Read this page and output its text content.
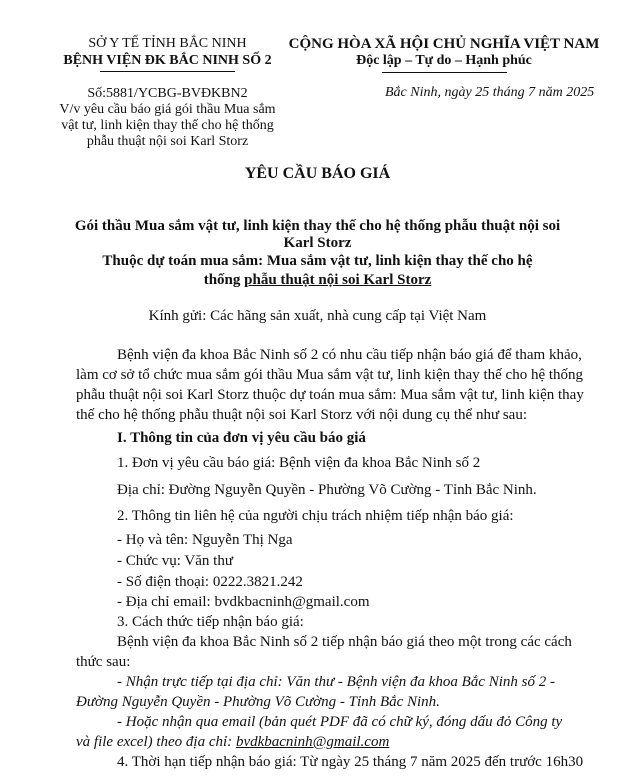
SỞ Y TẾ TỈNH BẮC NINH
BỆNH VIỆN ĐK BẮC NINH SỐ 2
Số:5881/YCBG-BVĐKBN2
V/v yêu cầu báo giá gói thầu Mua sắm
vật tư, linh kiện thay thế cho hệ thống
phẫu thuật nội soi Karl Storz
CỘNG HÒA XÃ HỘI CHỦ NGHĨA VIỆT NAM
Độc lập – Tự do – Hạnh phúc
Bắc Ninh, ngày 25 tháng 7 năm 2025
YÊU CẦU BÁO GIÁ
Gói thầu Mua sắm vật tư, linh kiện thay thế cho hệ thống phẫu thuật nội soi
Karl Storz
Thuộc dự toán mua sắm: Mua sắm vật tư, linh kiện thay thế cho hệ
thống phẫu thuật nội soi Karl Storz
Kính gửi: Các hãng sản xuất, nhà cung cấp tại Việt Nam
Bệnh viện đa khoa Bắc Ninh số 2 có nhu cầu tiếp nhận báo giá để tham khảo,
làm cơ sở tổ chức mua sắm gói thầu Mua sắm vật tư, linh kiện thay thế cho hệ thống
phẫu thuật nội soi Karl Storz thuộc dự toán mua sắm: Mua sắm vật tư, linh kiện thay
thế cho hệ thống phẫu thuật nội soi Karl Storz với nội dung cụ thể như sau:
I. Thông tin của đơn vị yêu cầu báo giá
1. Đơn vị yêu cầu báo giá: Bệnh viện đa khoa Bắc Ninh số 2
Địa chỉ: Đường Nguyễn Quyền - Phường Võ Cường - Tỉnh Bắc Ninh.
2. Thông tin liên hệ của người chịu trách nhiệm tiếp nhận báo giá:
- Họ và tên: Nguyễn Thị Nga
- Chức vụ: Văn thư
- Số điện thoại: 0222.3821.242
- Địa chỉ email: bvdkbacninh@gmail.com
3. Cách thức tiếp nhận báo giá:
Bệnh viện đa khoa Bắc Ninh số 2 tiếp nhận báo giá theo một trong các cách
thức sau:
- Nhận trực tiếp tại địa chỉ: Văn thư - Bệnh viện đa khoa Bắc Ninh số 2 -
Đường Nguyễn Quyền - Phường Võ Cường - Tỉnh Bắc Ninh.
- Hoặc nhận qua email (bản quét PDF đã có chữ ký, đóng dấu đỏ Công ty
và file excel) theo địa chỉ: bvdkbacninh@gmail.com
4. Thời hạn tiếp nhận báo giá: Từ ngày 25 tháng 7 năm 2025 đến trước 16h30
